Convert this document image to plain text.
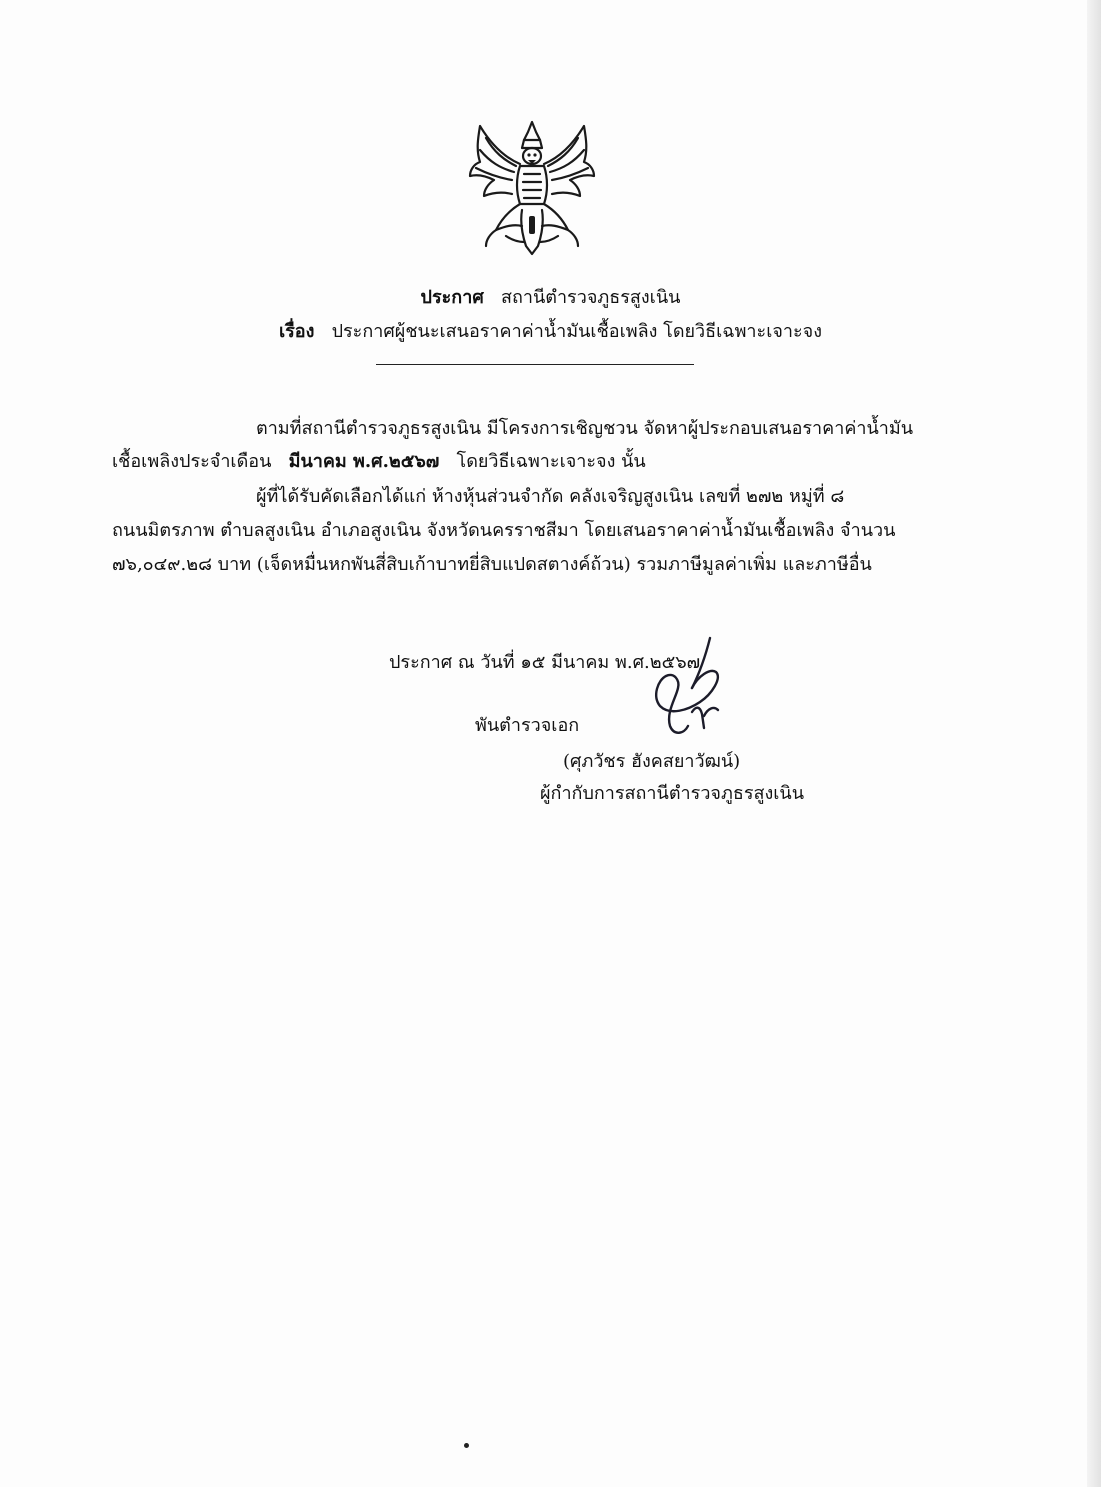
ประกาศ สถานีตำรวจภูธรสูงเนิน
เรื่อง ประกาศผู้ชนะเสนอราคาค่าน้ำมันเชื้อเพลิง โดยวิธีเฉพาะเจาะจง
ตามที่สถานีตำรวจภูธรสูงเนิน มีโครงการเชิญชวน จัดหาผู้ประกอบเสนอราคาค่าน้ำมัน
เชื้อเพลิงประจำเดือน มีนาคม พ.ศ.๒๕๖๗ โดยวิธีเฉพาะเจาะจง นั้น
ผู้ที่ได้รับคัดเลือกได้แก่ ห้างหุ้นส่วนจำกัด คลังเจริญสูงเนิน เลขที่ ๒๗๒ หมู่ที่ ๘
ถนนมิตรภาพ ตำบลสูงเนิน อำเภอสูงเนิน จังหวัดนครราชสีมา โดยเสนอราคาค่าน้ำมันเชื้อเพลิง จำนวน
๗๖,๐๔๙.๒๘ บาท (เจ็ดหมื่นหกพันสี่สิบเก้าบาทยี่สิบแปดสตางค์ถ้วน) รวมภาษีมูลค่าเพิ่ม และภาษีอื่น
ประกาศ ณ วันที่ ๑๕ มีนาคม พ.ศ.๒๕๖๗
พันตำรวจเอก
(ศุภวัชร ฮังคสยาวัฒน์)
ผู้กำกับการสถานีตำรวจภูธรสูงเนิน
